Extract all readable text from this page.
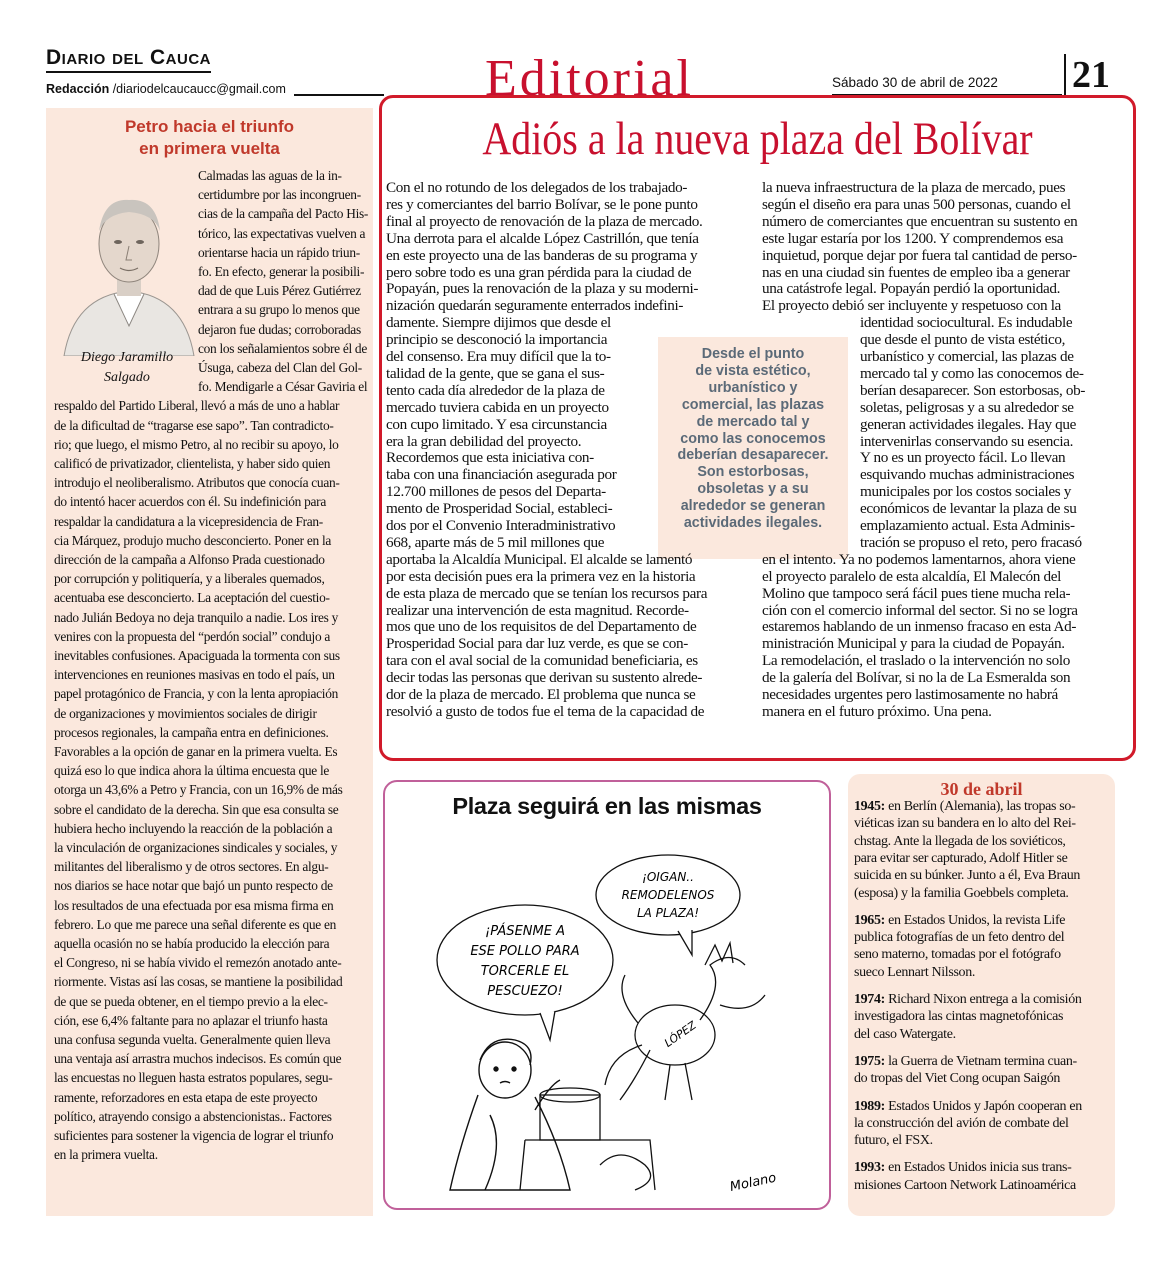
Diario del Cauca
Redacción /diariodelcaucaucc@gmail.com	Editorial	Sábado 30 de abril de 2022 21
Petro hacia el triunfo
en primera vuelta
Diego Jaramillo
Salgado
Calmadas las aguas de la in-
certidumbre por las incongruen-
cias de la campaña del Pacto His-
tórico, las expectativas vuelven a
orientarse hacia un rápido triun-
fo. En efecto, generar la posibili-
dad de que Luis Pérez Gutiérrez
entrara a su grupo lo menos que
dejaron fue dudas; corroboradas
con los señalamientos sobre él de
Úsuga, cabeza del Clan del Gol-
fo. Mendigarle a César Gaviria el
respaldo del Partido Liberal, llevó a más de uno a hablar
de la dificultad de “tragarse ese sapo”. Tan contradicto-
rio; que luego, el mismo Petro, al no recibir su apoyo, lo
calificó de privatizador, clientelista, y haber sido quien
introdujo el neoliberalismo. Atributos que conocía cuan-
do intentó hacer acuerdos con él. Su indefinición para
respaldar la candidatura a la vicepresidencia de Fran-
cia Márquez, produjo mucho desconcierto. Poner en la
dirección de la campaña a Alfonso Prada cuestionado
por corrupción y politiquería, y a liberales quemados,
acentuaba ese desconcierto. La aceptación del cuestio-
nado Julián Bedoya no deja tranquilo a nadie. Los ires y
venires con la propuesta del “perdón social” condujo a
inevitables confusiones. Apaciguada la tormenta con sus
intervenciones en reuniones masivas en todo el país, un
papel protagónico de Francia, y con la lenta apropiación
de organizaciones y movimientos sociales de dirigir
procesos regionales, la campaña entra en definiciones.
Favorables a la opción de ganar en la primera vuelta. Es
quizá eso lo que indica ahora la última encuesta que le
otorga un 43,6% a Petro y Francia, con un 16,9% de más
sobre el candidato de la derecha. Sin que esa consulta se
hubiera hecho incluyendo la reacción de la población a
la vinculación de organizaciones sindicales y sociales, y
militantes del liberalismo y de otros sectores. En algu-
nos diarios se hace notar que bajó un punto respecto de
los resultados de una efectuada por esa misma firma en
febrero. Lo que me parece una señal diferente es que en
aquella ocasión no se había producido la elección para
el Congreso, ni se había vivido el remezón anotado ante-
riormente. Vistas así las cosas, se mantiene la posibilidad
de que se pueda obtener, en el tiempo previo a la elec-
ción, ese 6,4% faltante para no aplazar el triunfo hasta
una confusa segunda vuelta. Generalmente quien lleva
una ventaja así arrastra muchos indecisos. Es común que
las encuestas no lleguen hasta estratos populares, segu-
ramente, reforzadores en esta etapa de este proyecto
político, atrayendo consigo a abstencionistas.. Factores
suficientes para sostener la vigencia de lograr el triunfo
en la primera vuelta.
Adiós a la nueva plaza del Bolívar
Desde el punto
de vista estético,
urbanístico y
comercial, las plazas
de mercado tal y
como las conocemos
deberían desaparecer.
Son estorbosas,
obsoletas y a su
alrededor se generan
actividades ilegales.
Plaza seguirá en las mismas
LÓPEZ
¡PÁSENME A
ESE POLLO PARA
TORCERLE EL
PESCUEZO!
¡OIGAN..
REMODELENOS
LA PLAZA!
Molano
30 de abril
1945: en Berlín (Alemania), las tropas so-
viéticas izan su bandera en lo alto del Rei-
chstag. Ante la llegada de los soviéticos,
para evitar ser capturado, Adolf Hitler se
suicida en su búnker. Junto a él, Eva Braun
(esposa) y la familia Goebbels completa.
1965: en Estados Unidos, la revista Life
publica fotografías de un feto dentro del
seno materno, tomadas por el fotógrafo
sueco Lennart Nilsson.
1974: Richard Nixon entrega a la comisión
investigadora las cintas magnetofónicas
del caso Watergate.
1975: la Guerra de Vietnam termina cuan-
do tropas del Viet Cong ocupan Saigón
1989: Estados Unidos y Japón cooperan en
la construcción del avión de combate del
futuro, el FSX.
1993: en Estados Unidos inicia sus trans-
misiones Cartoon Network Latinoamérica
Con el no rotundo de los delegados de los trabajado-
res y comerciantes del barrio Bolívar, se le pone punto
final al proyecto de renovación de la plaza de mercado.
Una derrota para el alcalde López Castrillón, que tenía
en este proyecto una de las banderas de su programa y
pero sobre todo es una gran pérdida para la ciudad de
Popayán, pues la renovación de la plaza y su moderni-
nización quedarán seguramente enterrados indefini-
damente. Siempre dijimos que desde el
principio se desconoció la importancia
del consenso. Era muy difícil que la to-
talidad de la gente, que se gana el sus-
tento cada día alrededor de la plaza de
mercado tuviera cabida en un proyecto
con cupo limitado. Y esa circunstancia
era la gran debilidad del proyecto.
Recordemos que esta iniciativa con-
taba con una financiación asegurada por
12.700 millones de pesos del Departa-
mento de Prosperidad Social, estableci-
dos por el Convenio Interadministrativo
668, aparte más de 5 mil millones que
aportaba la Alcaldía Municipal. El alcalde se lamentó
por esta decisión pues era la primera vez en la historia
de esta plaza de mercado que se tenían los recursos para
realizar una intervención de esta magnitud. Recorde-
mos que uno de los requisitos de del Departamento de
Prosperidad Social para dar luz verde, es que se con-
tara con el aval social de la comunidad beneficiaria, es
decir todas las personas que derivan su sustento alrede-
dor de la plaza de mercado. El problema que nunca se
resolvió a gusto de todos fue el tema de la capacidad de
la nueva infraestructura de la plaza de mercado, pues
según el diseño era para unas 500 personas, cuando el
número de comerciantes que encuentran su sustento en
este lugar estaría por los 1200. Y comprendemos esa
inquietud, porque dejar por fuera tal cantidad de perso-
nas en una ciudad sin fuentes de empleo iba a generar
una catástrofe legal. Popayán perdió la oportunidad.
El proyecto debió ser incluyente y respetuoso con la
identidad sociocultural. Es indudable
que desde el punto de vista estético,
urbanístico y comercial, las plazas de
mercado tal y como las conocemos de-
berían desaparecer. Son estorbosas, ob-
soletas, peligrosas y a su alrededor se
generan actividades ilegales. Hay que
intervenirlas conservando su esencia.
Y no es un proyecto fácil. Lo llevan
esquivando muchas administraciones
municipales por los costos sociales y
económicos de levantar la plaza de su
emplazamiento actual. Esta Adminis-
tración se propuso el reto, pero fracasó
en el intento. Ya no podemos lamentarnos, ahora viene
el proyecto paralelo de esta alcaldía, El Malecón del
Molino que tampoco será fácil pues tiene mucha rela-
ción con el comercio informal del sector. Si no se logra
estaremos hablando de un inmenso fracaso en esta Ad-
ministración Municipal y para la ciudad de Popayán.
La remodelación, el traslado o la intervención no solo
de la galería del Bolívar, si no la de La Esmeralda son
necesidades urgentes pero lastimosamente no habrá
manera en el futuro próximo. Una pena.
